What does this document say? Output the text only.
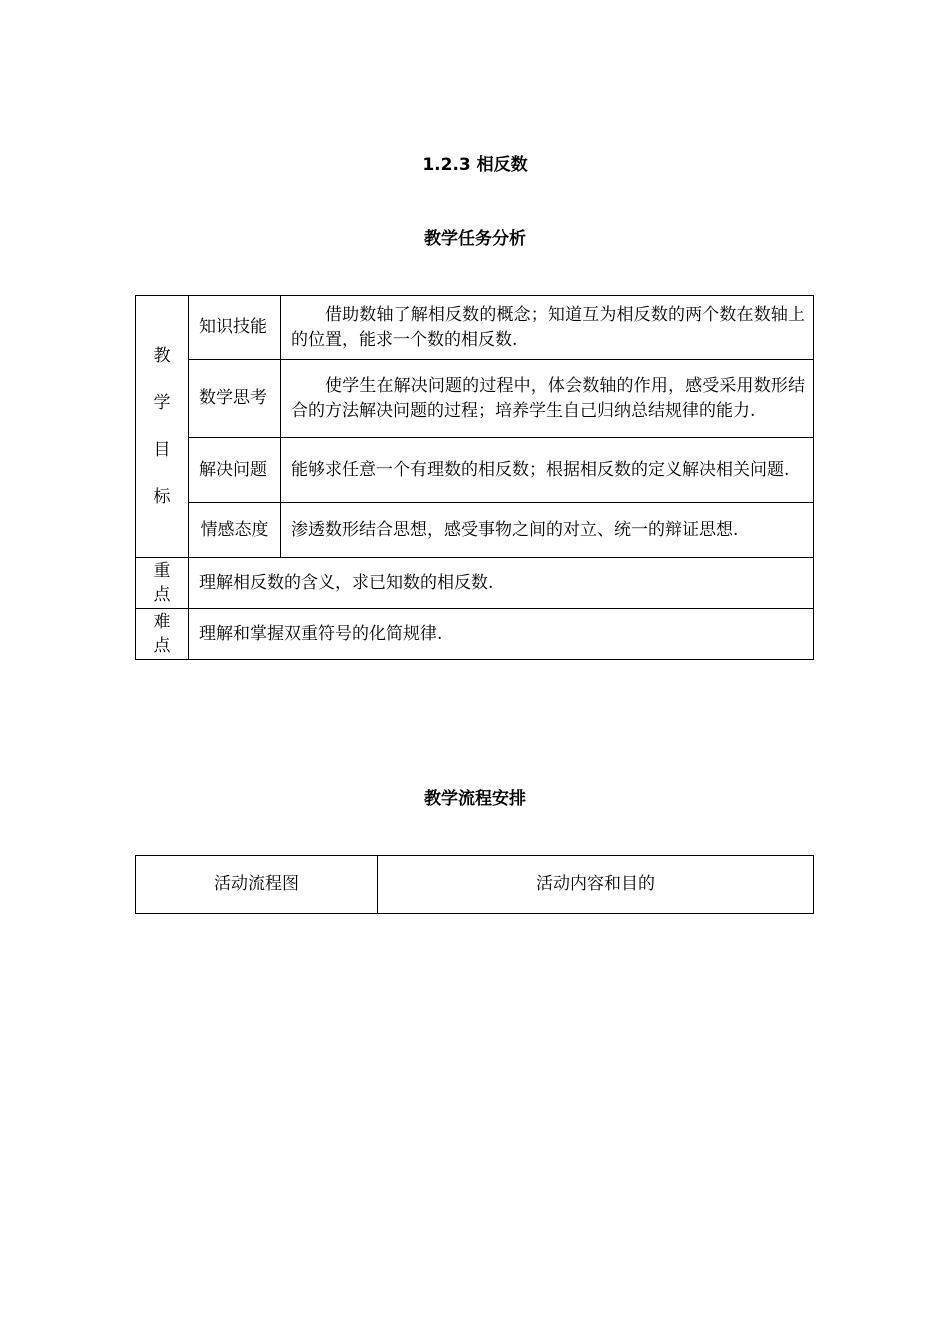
1.2.3 相反数
教学任务分析
教
学
目
标	知识技能	借助数轴了解相反数的概念；知道互为相反数的两个数在数轴上的位置，能求一个数的相反数.
	数学思考	使学生在解决问题的过程中，体会数轴的作用，感受采用数形结合的方法解决问题的过程；培养学生自己归纳总结规律的能力.
	解决问题	能够求任意一个有理数的相反数；根据相反数的定义解决相关问题.
	情感态度	渗透数形结合思想，感受事物之间的对立、统一的辩证思想.
重
点	理解相反数的含义，求已知数的相反数.	
难
点	理解和掌握双重符号的化简规律.	
教学流程安排
活动流程图	活动内容和目的
